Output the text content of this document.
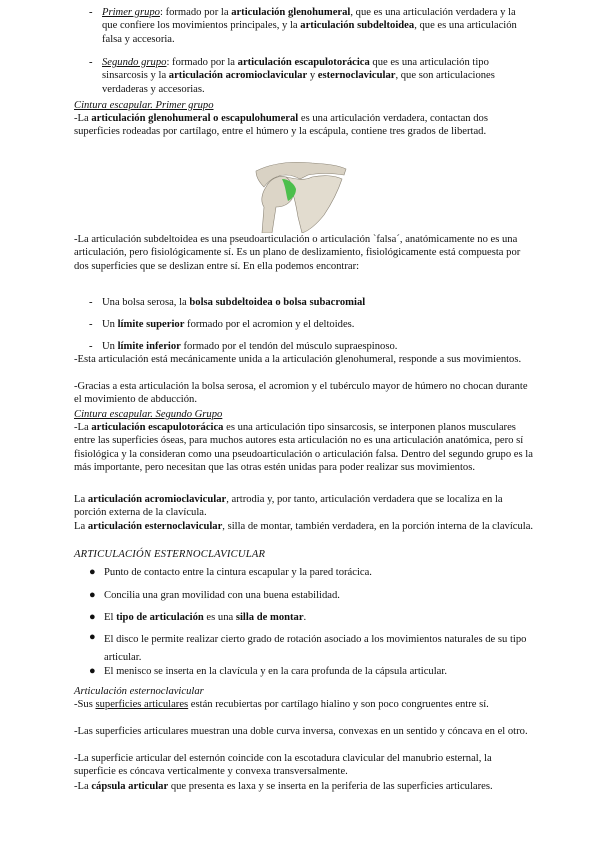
- Primer grupo: formado por la articulación glenohumeral, que es una articulación verdadera y la que confiere los movimientos principales, y la articulación subdeltoidea, que es una articulación falsa y accesoria.
- Segundo grupo: formado por la articulación escapulotorácica que es una articulación tipo sinsarcosis y la articulación acromioclavicular y esternoclavicular, que son articulaciones verdaderas y accesorias.
Cintura escapular. Primer grupo
-La articulación glenohumeral o escapulohumeral es una articulación verdadera, contactan dos superficies rodeadas por cartílago, entre el húmero y la escápula, contiene tres grados de libertad.
-La articulación subdeltoidea es una pseudoarticulación o articulación `falsa´, anatómicamente no es una articulación, pero fisiológicamente sí. Es un plano de deslizamiento, fisiológicamente está compuesta por dos superficies que se deslizan entre sí. En ella podemos encontrar:
- Una bolsa serosa, la bolsa subdeltoidea o bolsa subacromial
- Un límite superior formado por el acromion y el deltoides.
- Un límite inferior formado por el tendón del músculo supraespinoso.
-Esta articulación está mecánicamente unida a la articulación glenohumeral, responde a sus movimientos.
-Gracias a esta articulación la bolsa serosa, el acromion y el tubérculo mayor de húmero no chocan durante el movimiento de abducción.
Cintura escapular. Segundo Grupo
-La articulación escapulotorácica es una articulación tipo sinsarcosis, se interponen planos musculares entre las superficies óseas, para muchos autores esta articulación no es una articulación anatómica, pero sí fisiológica y la consideran como una pseudoarticulación o articulación falsa. Dentro del segundo grupo es la más importante, pero necesitan que las otras estén unidas para poder realizar sus movimientos.
La articulación acromioclavicular, artrodia y, por tanto, articulación verdadera que se localiza en la porción externa de la clavícula.
La articulación esternoclavicular, silla de montar, también verdadera, en la porción interna de la clavícula.
ARTICULACIÓN ESTERNOCLAVICULAR
● Punto de contacto entre la cintura escapular y la pared torácica.
● Concilia una gran movilidad con una buena estabilidad.
● El tipo de articulación es una silla de montar.
● El disco le permite realizar cierto grado de rotación asociado a los movimientos naturales de su tipo articular.
● El menisco se inserta en la clavícula y en la cara profunda de la cápsula articular.
Articulación esternoclavicular
-Sus superficies articulares están recubiertas por cartílago hialino y son poco congruentes entre sí.
-Las superficies articulares muestran una doble curva inversa, convexas en un sentido y cóncava en el otro.
-La superficie articular del esternón coincide con la escotadura clavicular del manubrio esternal, la superficie es cóncava verticalmente y convexa transversalmente.
-La cápsula articular que presenta es laxa y se inserta en la periferia de las superficies articulares.
